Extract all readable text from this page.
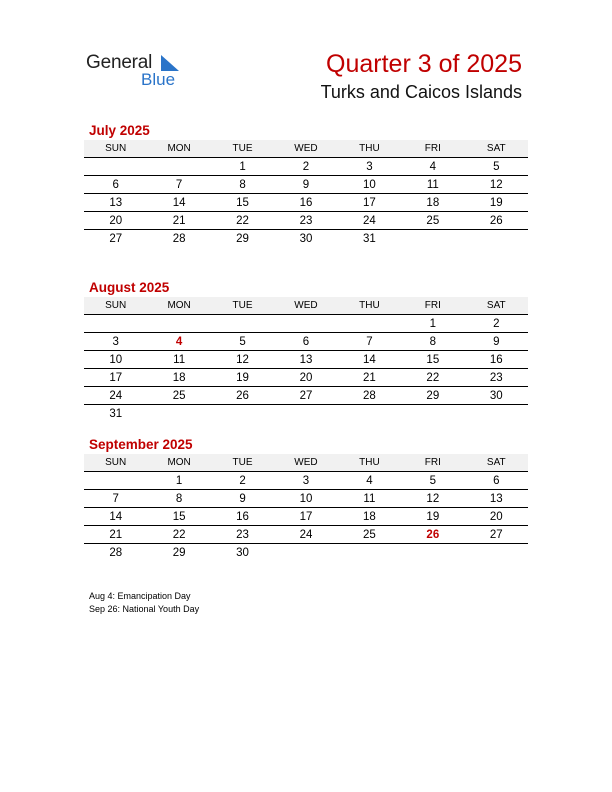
General
Blue
Quarter 3 of 2025
Turks and Caicos Islands
July 2025
SUN	MON	TUE	WED	THU	FRI	SAT
		1	2	3	4	5
6	7	8	9	10	11	12
13	14	15	16	17	18	19
20	21	22	23	24	25	26
27	28	29	30	31		
August 2025
SUN	MON	TUE	WED	THU	FRI	SAT
					1	2
3	4	5	6	7	8	9
10	11	12	13	14	15	16
17	18	19	20	21	22	23
24	25	26	27	28	29	30
31						
September 2025
SUN	MON	TUE	WED	THU	FRI	SAT
	1	2	3	4	5	6
7	8	9	10	11	12	13
14	15	16	17	18	19	20
21	22	23	24	25	26	27
28	29	30				
Aug 4: Emancipation Day
Sep 26: National Youth Day
